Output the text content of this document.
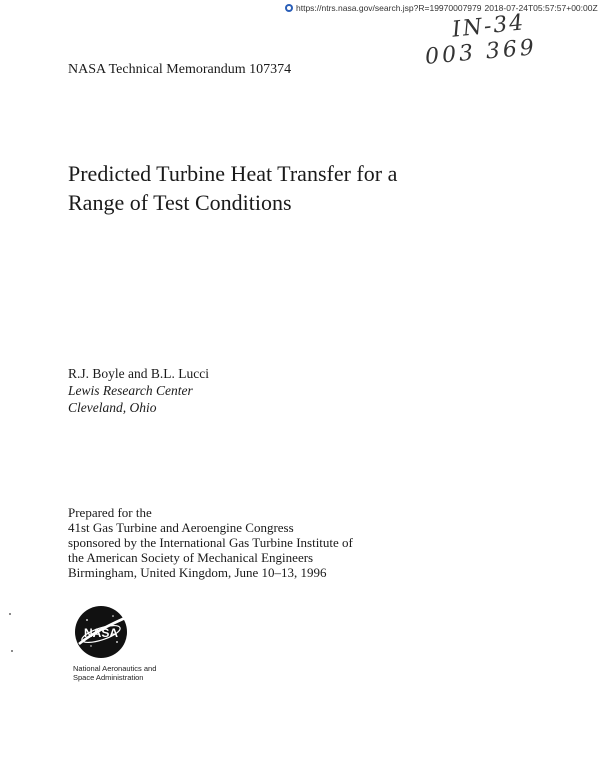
https://ntrs.nasa.gov/search.jsp?R=19970007979 2018-07-24T05:57:57+00:00Z
IN-34
003 369
NASA Technical Memorandum 107374
Predicted Turbine Heat Transfer for a
Range of Test Conditions
R.J. Boyle and B.L. Lucci
Lewis Research Center
Cleveland, Ohio
Prepared for the
41st Gas Turbine and Aeroengine Congress
sponsored by the International Gas Turbine Institute of
the American Society of Mechanical Engineers
Birmingham, United Kingdom, June 10–13, 1996
NASA
National Aeronautics and
Space Administration
